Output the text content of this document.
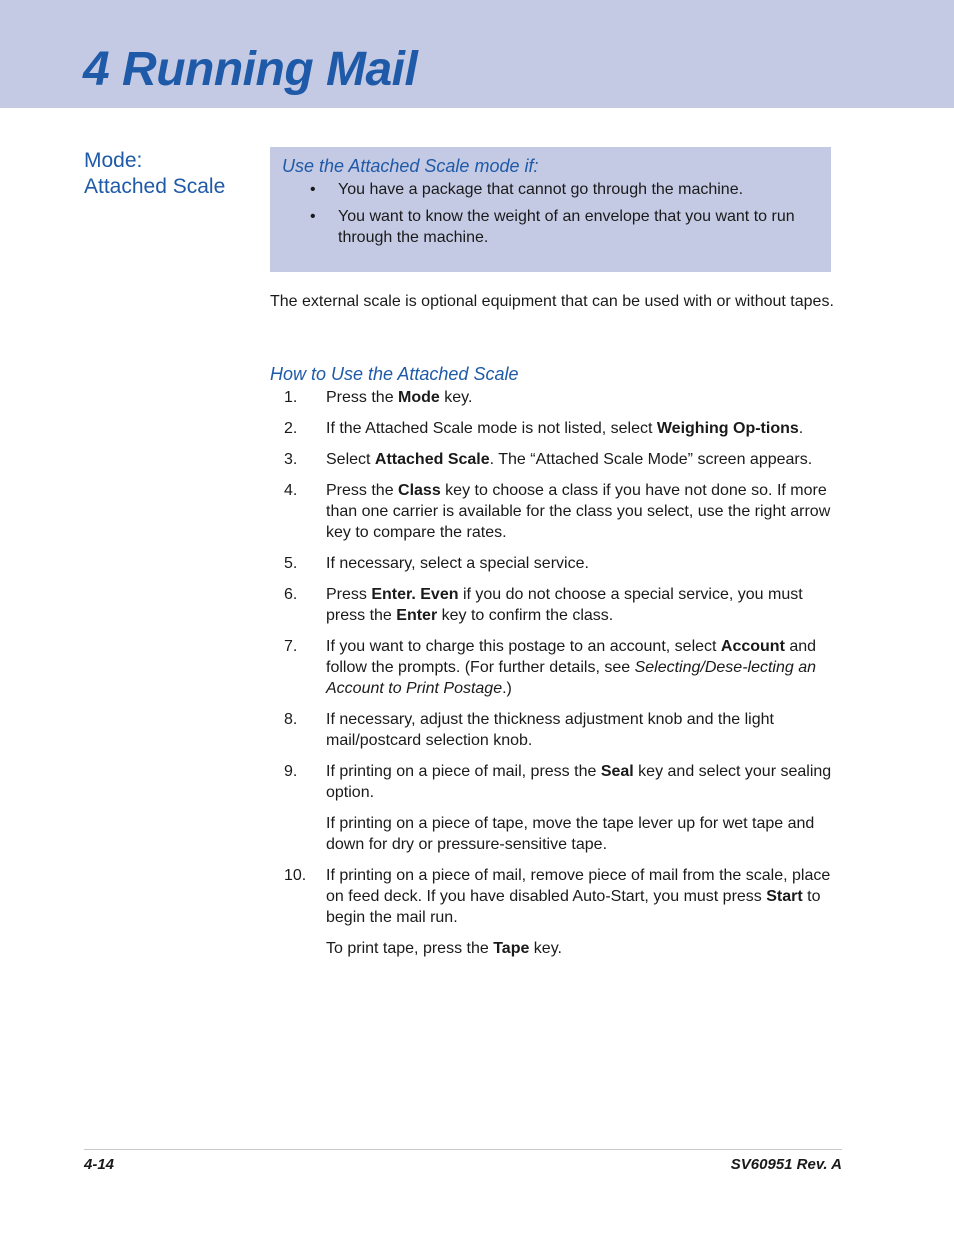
4 Running Mail
Mode:
Attached Scale

Use the Attached Scale mode if:

• You have a package that cannot go through the machine.
• You want to know the weight of an envelope that you want to run through the machine.

The external scale is optional equipment that can be used with or without tapes.

How to Use the Attached Scale

1. Press the Mode key.
2. If the Attached Scale mode is not listed, select Weighing Op-tions.
3. Select Attached Scale. The “Attached Scale Mode” screen appears.
4. Press the Class key to choose a class if you have not done so. If more than one carrier is available for the class you select, use the right arrow key to compare the rates.
5. If necessary, select a special service.
6. Press Enter. Even if you do not choose a special service, you must press the Enter key to confirm the class.
7. If you want to charge this postage to an account, select Account and follow the prompts. (For further details, see Selecting/Dese-lecting an Account to Print Postage.)
8. If necessary, adjust the thickness adjustment knob and the light mail/postcard selection knob.
9. If printing on a piece of mail, press the Seal key and select your sealing option.
If printing on a piece of tape, move the tape lever up for wet tape and down for dry or pressure-sensitive tape.
10. If printing on a piece of mail, remove piece of mail from the scale, place on feed deck. If you have disabled Auto-Start, you must press Start to begin the mail run.
To print tape, press the Tape key.
4-14	SV60951 Rev. A
